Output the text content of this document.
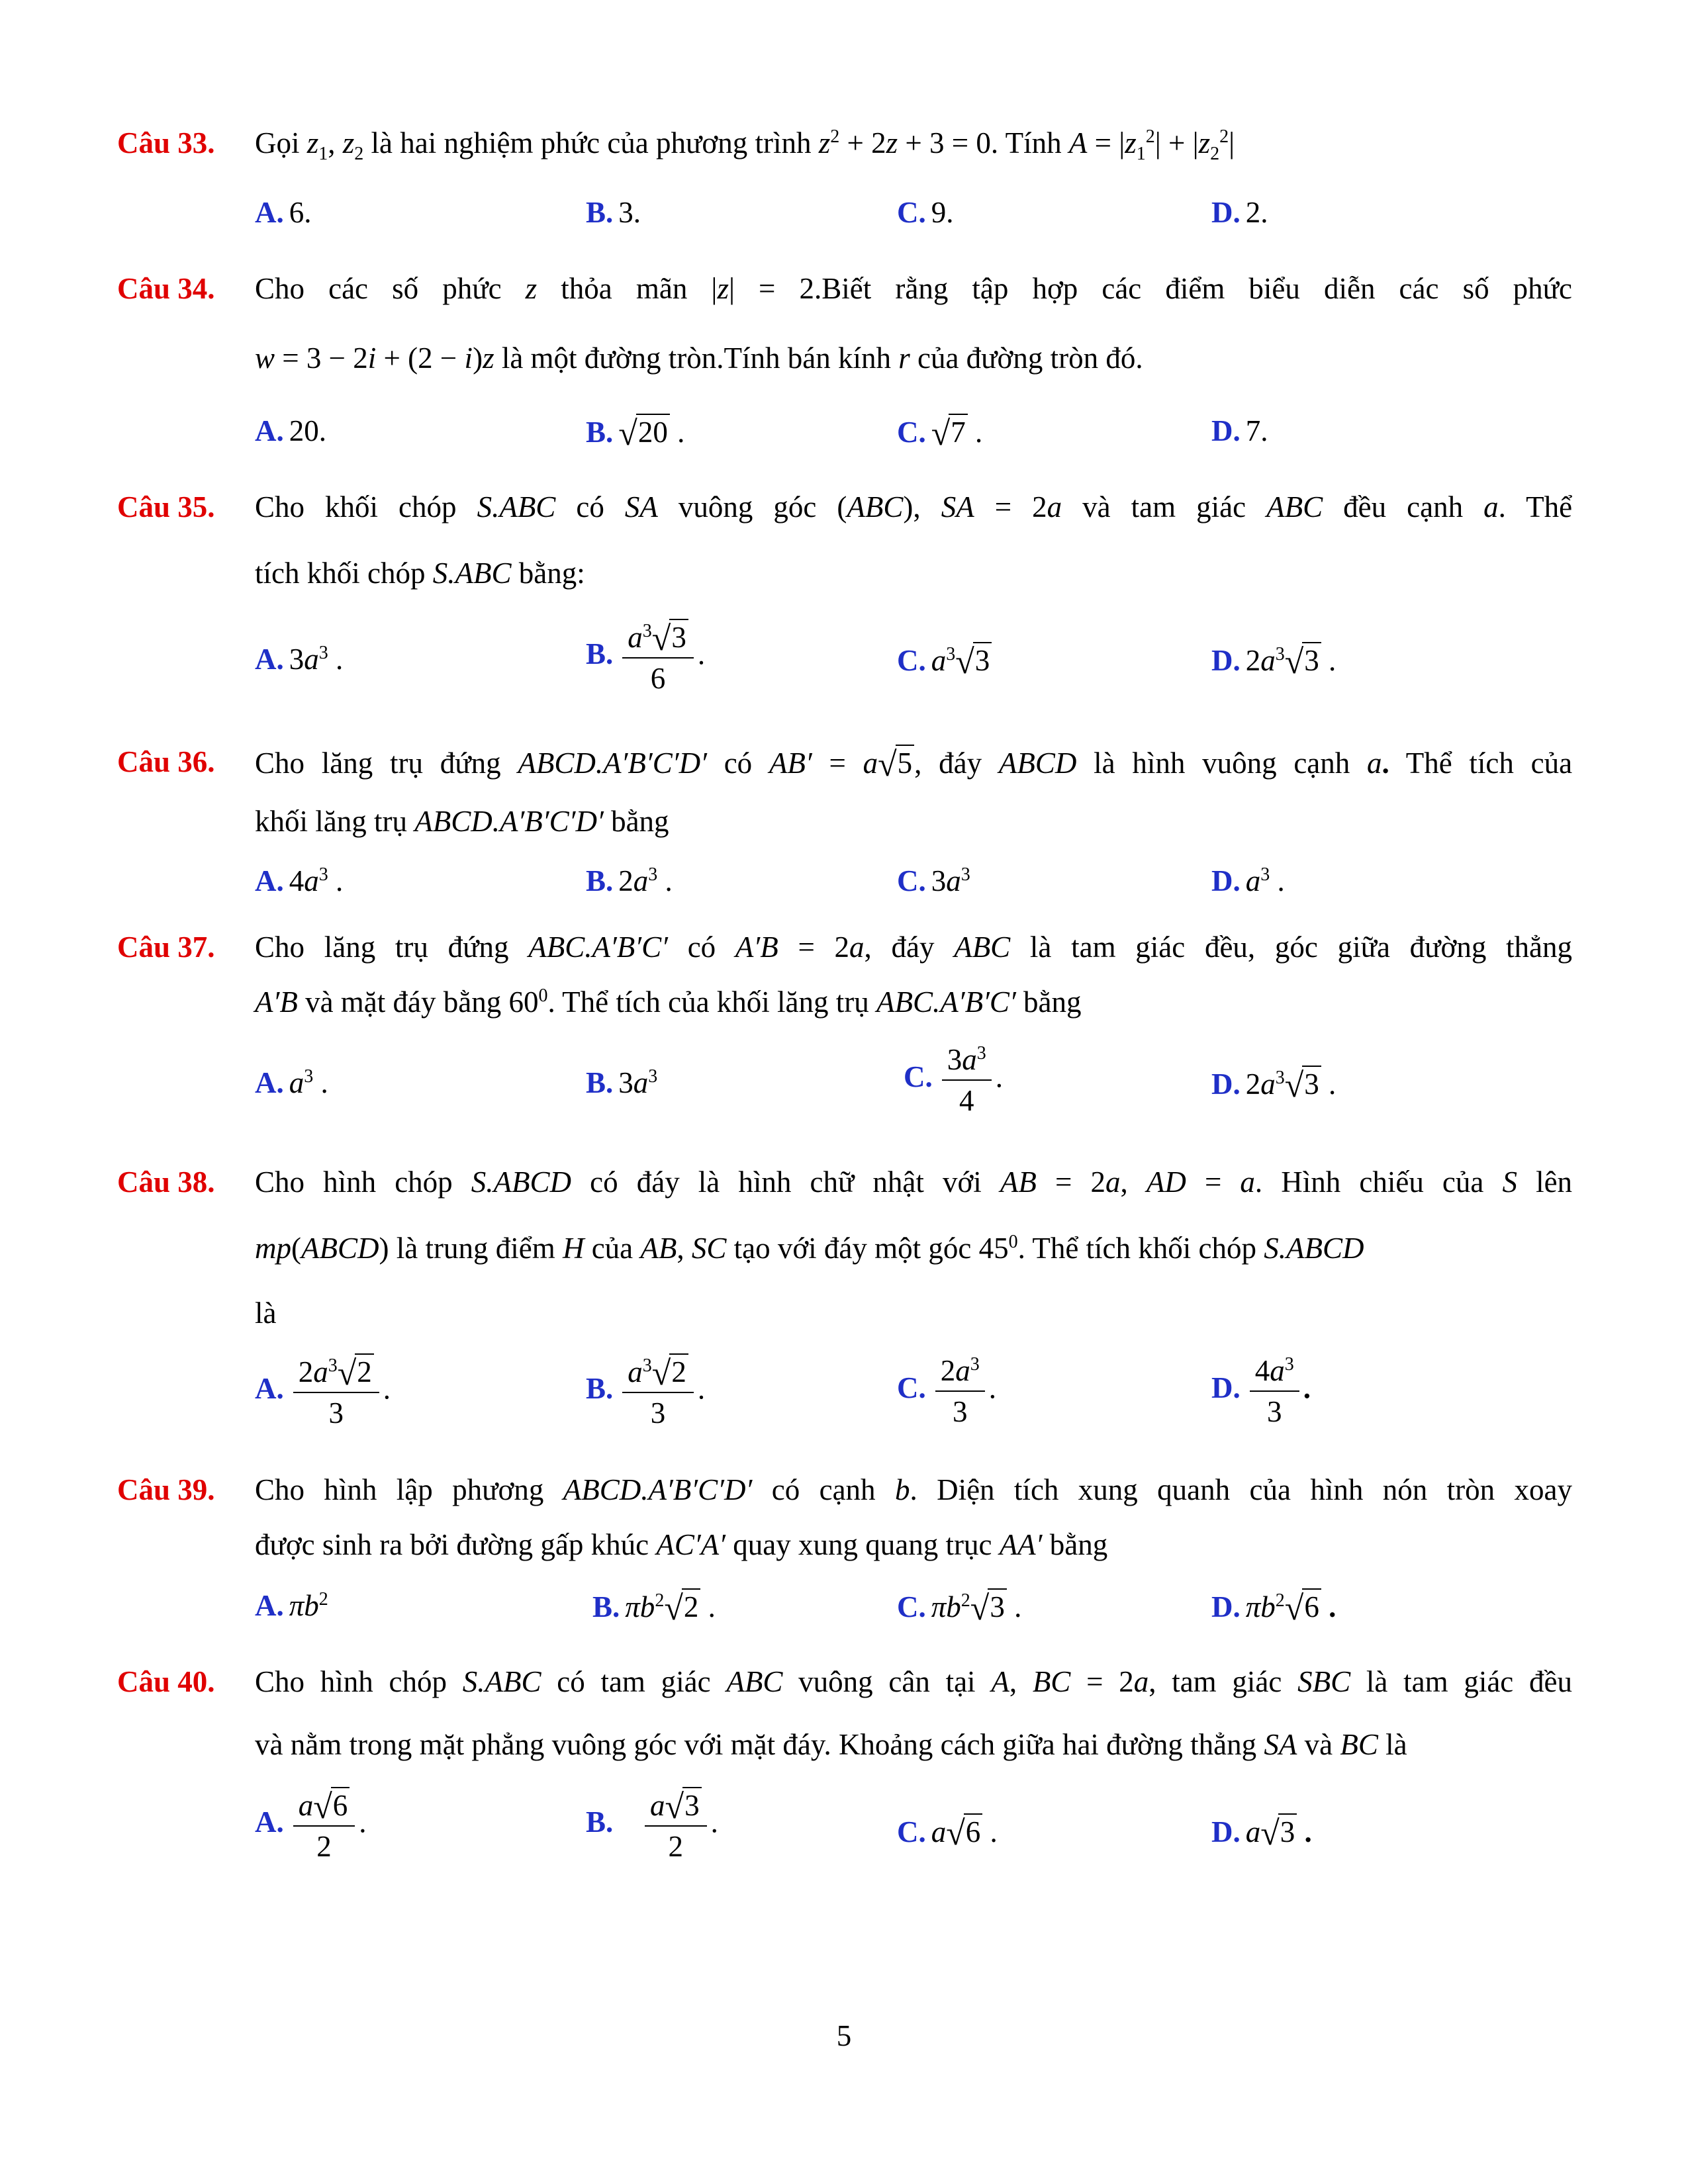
Câu 33. Gọi $z_1$, $z_2$ là hai nghiệm phức của phương trình $z^2 + 2z + 3 = 0$. Tính $A = |z_1^2| + |z_2^2|$
A. 6.	B. 3.	C. 9.	D. 2.
Câu 34. Cho các số phức z thỏa mãn |z| = 2.Biết rằng tập hợp các điểm biểu diễn các số phức
w = 3 − 2i + (2 − i)z là một đường tròn.Tính bán kính r của đường tròn đó.
A. 20.	B. √20 .	C. √7 .	D. 7.
Câu 35. Cho khối chóp S.ABC có SA vuông góc (ABC), SA = 2a và tam giác ABC đều cạnh a. Thể
tích khối chóp S.ABC bằng:
A. $3a^3$ .	B. $\frac{a^3√3}{6}$ .	C. $a^3√3$	D. $2a^3√3$ .
Câu 36. Cho lăng trụ đứng ABCD.A′B′C′D′ có AB′ = a√5, đáy ABCD là hình vuông cạnh a. Thể tích của
khối lăng trụ ABCD.A′B′C′D′ bằng
A. $4a^3$ .	B. $2a^3$ .	C. $3a^3$	D. $a^3$ .
Câu 37. Cho lăng trụ đứng ABC.A′B′C′ có A′B = 2a, đáy ABC là tam giác đều, góc giữa đường thẳng
A′B và mặt đáy bằng $60^0$. Thể tích của khối lăng trụ ABC.A′B′C′ bằng
A. $a^3$ .	B. $3a^3$	C. $\frac{3a^3}{4}$ .	D. $2a^3√3$ .
Câu 38. Cho hình chóp S.ABCD có đáy là hình chữ nhật với AB = 2a, AD = a. Hình chiếu của S lên
mp(ABCD) là trung điểm H của AB, SC tạo với đáy một góc $45^0$. Thể tích khối chóp S.ABCD
là
A. $\frac{2a^3√2}{3}$ .	B. $\frac{a^3√2}{3}$ .	C. $\frac{2a^3}{3}$ .	D. $\frac{4a^3}{3}$ .
Câu 39. Cho hình lập phương ABCD.A′B′C′D′ có cạnh b. Diện tích xung quanh của hình nón tròn xoay
được sinh ra bởi đường gấp khúc AC′A′ quay xung quang trục AA′ bằng
A. $\pi b^2$	B. $\pi b^2√2$ .	C. $\pi b^2√3$ .	D. $\pi b^2√6$ .
Câu 40. Cho hình chóp S.ABC có tam giác ABC vuông cân tại A, BC = 2a, tam giác SBC là tam giác đều
và nằm trong mặt phẳng vuông góc với mặt đáy. Khoảng cách giữa hai đường thẳng SA và BC là
A. $\frac{a√6}{2}$ .	B. $\frac{a√3}{2}$ .	C. a√6 .	D. a√3 .
5
